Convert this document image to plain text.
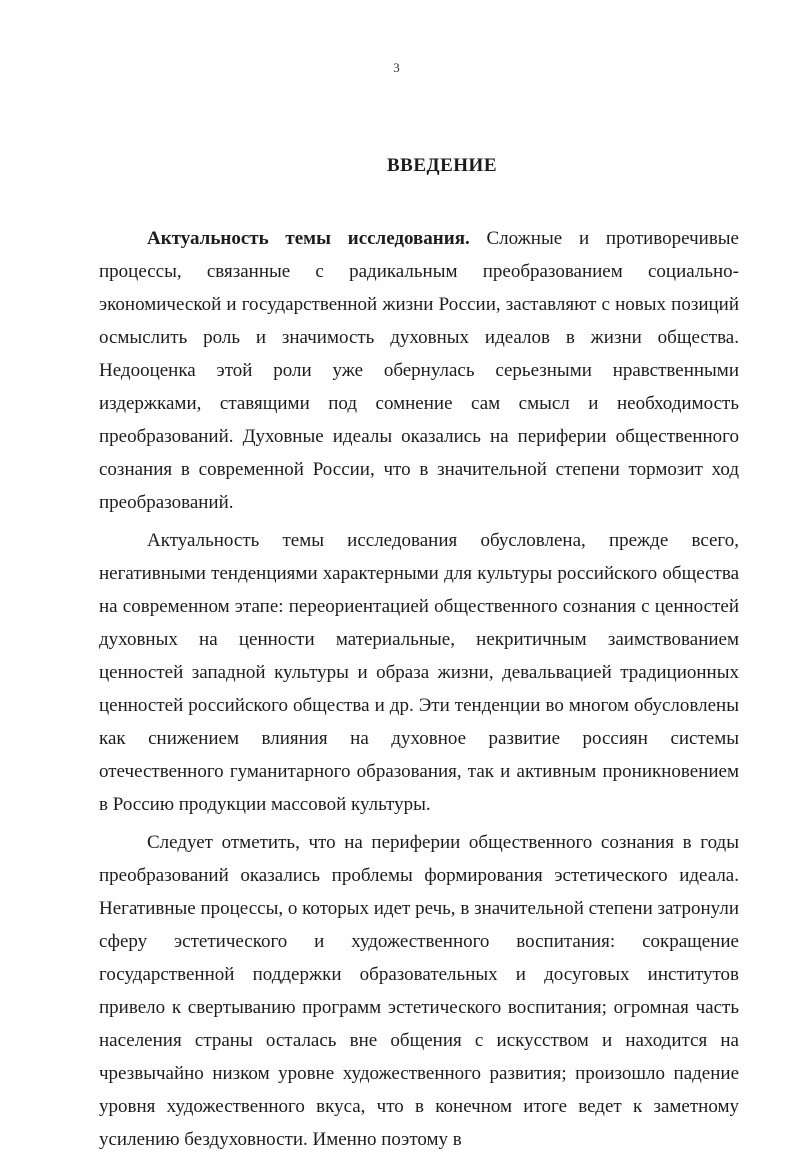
3
ВВЕДЕНИЕ

Актуальность темы исследования. Сложные и противоречивые процессы, связанные с радикальным преобразованием социально-экономической и государственной жизни России, заставляют с новых позиций осмыслить роль и значимость духовных идеалов в жизни общества. Недооценка этой роли уже обернулась серьезными нравственными издержками, ставящими под сомнение сам смысл и необходимость преобразований. Духовные идеалы оказались на периферии общественного сознания в современной России, что в значительной степени тормозит ход преобразований.

Актуальность темы исследования обусловлена, прежде всего, негативными тенденциями характерными для культуры российского общества на современном этапе: переориентацией общественного сознания с ценностей духовных на ценности материальные, некритичным заимствованием ценностей западной культуры и образа жизни, девальвацией традиционных ценностей российского общества и др. Эти тенденции во многом обусловлены как снижением влияния на духовное развитие россиян системы отечественного гуманитарного образования, так и активным проникновением в Россию продукции массовой культуры.

Следует отметить, что на периферии общественного сознания в годы преобразований оказались проблемы формирования эстетического идеала. Негативные процессы, о которых идет речь, в значительной степени затронули сферу эстетического и художественного воспитания: сокращение государственной поддержки образовательных и досуговых институтов привело к свертыванию программ эстетического воспитания; огромная часть населения страны осталась вне общения с искусством и находится на чрезвычайно низком уровне художественного развития; произошло падение уровня художественного вкуса, что в конечном итоге ведет к заметному усилению бездуховности. Именно поэтому в
